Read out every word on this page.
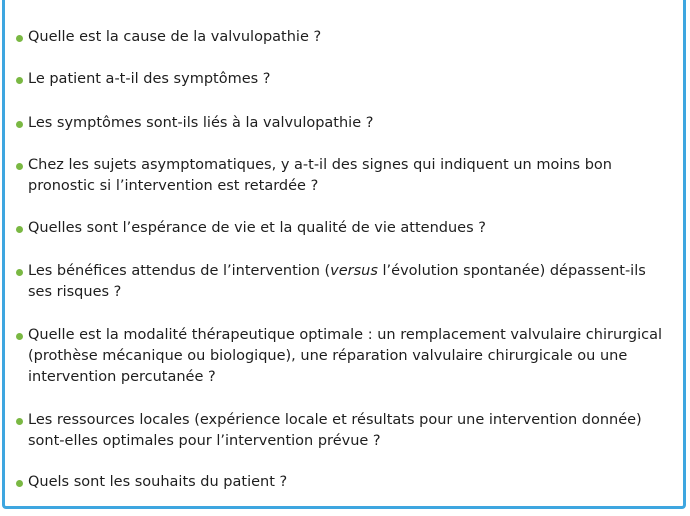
Quelle est la cause de la valvulopathie ?
Le patient a-t-il des symptômes ?
Les symptômes sont-ils liés à la valvulopathie ?
Chez les sujets asymptomatiques, y a-t-il des signes qui indiquent un moins bon
pronostic si l’intervention est retardée ?
Quelles sont l’espérance de vie et la qualité de vie attendues ?
Les bénéfices attendus de l’intervention (versus l’évolution spontanée) dépassent-ils
ses risques ?
Quelle est la modalité thérapeutique optimale : un remplacement valvulaire chirurgical
(prothèse mécanique ou biologique), une réparation valvulaire chirurgicale ou une
intervention percutanée ?
Les ressources locales (expérience locale et résultats pour une intervention donnée)
sont-elles optimales pour l’intervention prévue ?
Quels sont les souhaits du patient ?
